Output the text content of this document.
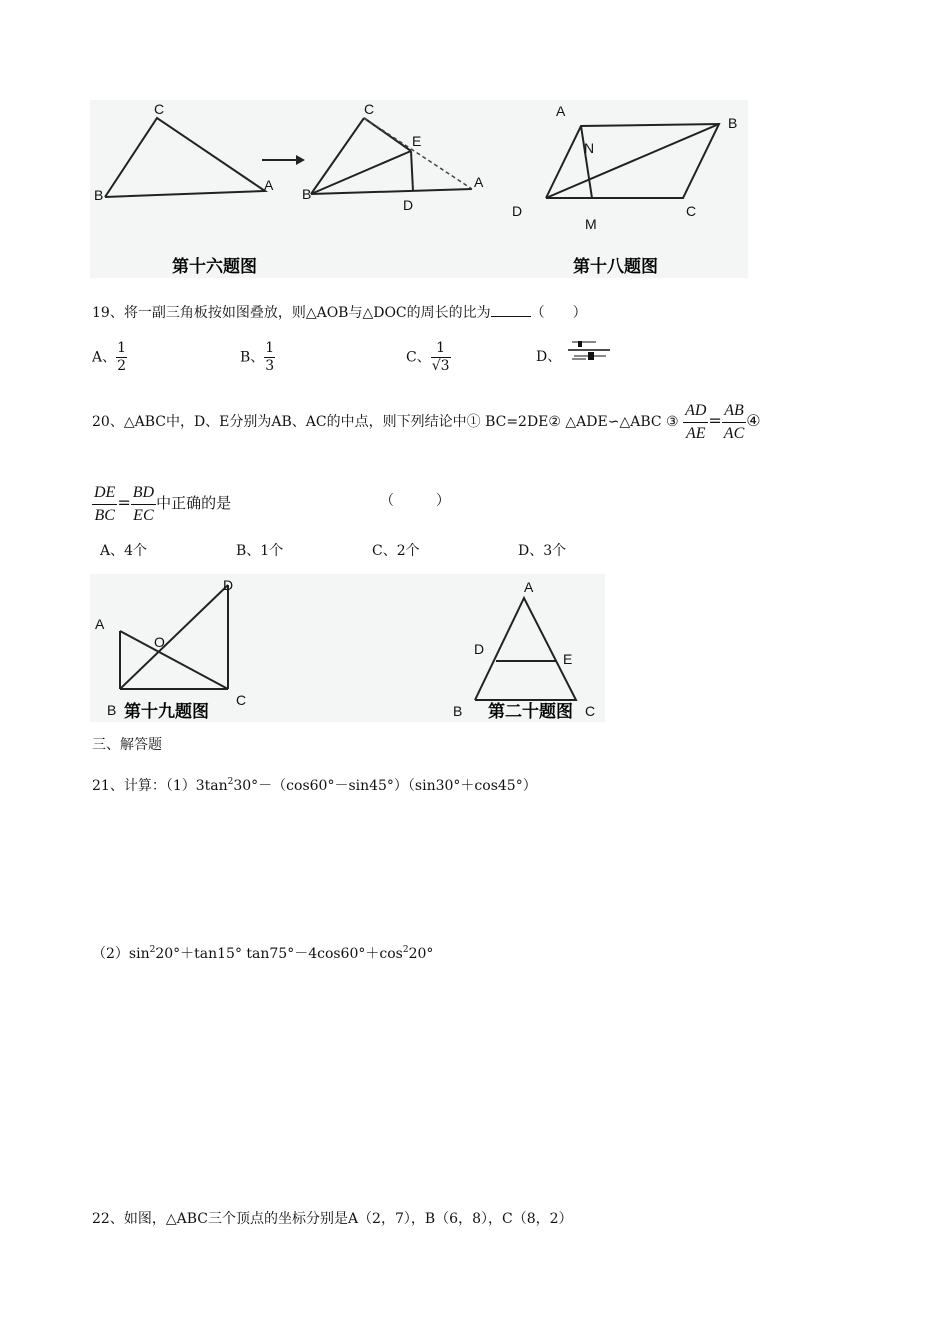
C
B
A
C
E
B
D
A
A
B
N
D
M
C
第十六题图	第十八题图
19、将一副三角板按如图叠放，则△AOB与△DOC的周长的比为	（　　）
A、 $\frac{1}{2}$	B、 $\frac{1}{3}$	C、 $\frac{1}{√3}$	D、
20、△ABC中，D、E分别为AB、AC的中点，则下列结论中① BC=2DE② △ADE∽△ABC ③ $\frac{AD}{AE} = \frac{AB}{AC}$ ④
$\frac{DE}{BC} = \frac{BD}{EC}$ 中正确的是	（　　　）
A、4个	B、1个	C、2个	D、3个
A
O
D
B
C
A
D
E
B	C
第十九题图	第二十题图
三、解答题
21、计算：$(1)3\tan^230^\circ-(\cos 60^\circ-\sin 45^\circ)(\sin 30^\circ+\cos 45^\circ)$
$(2)\sin^220^\circ+\tan 15^\circ$ $\tan 75^\circ-4\cos 60^\circ+\cos^220^\circ$
22、如图，△ABC三个顶点的坐标分别是A（2，7），B（6，8），C（8，2）
